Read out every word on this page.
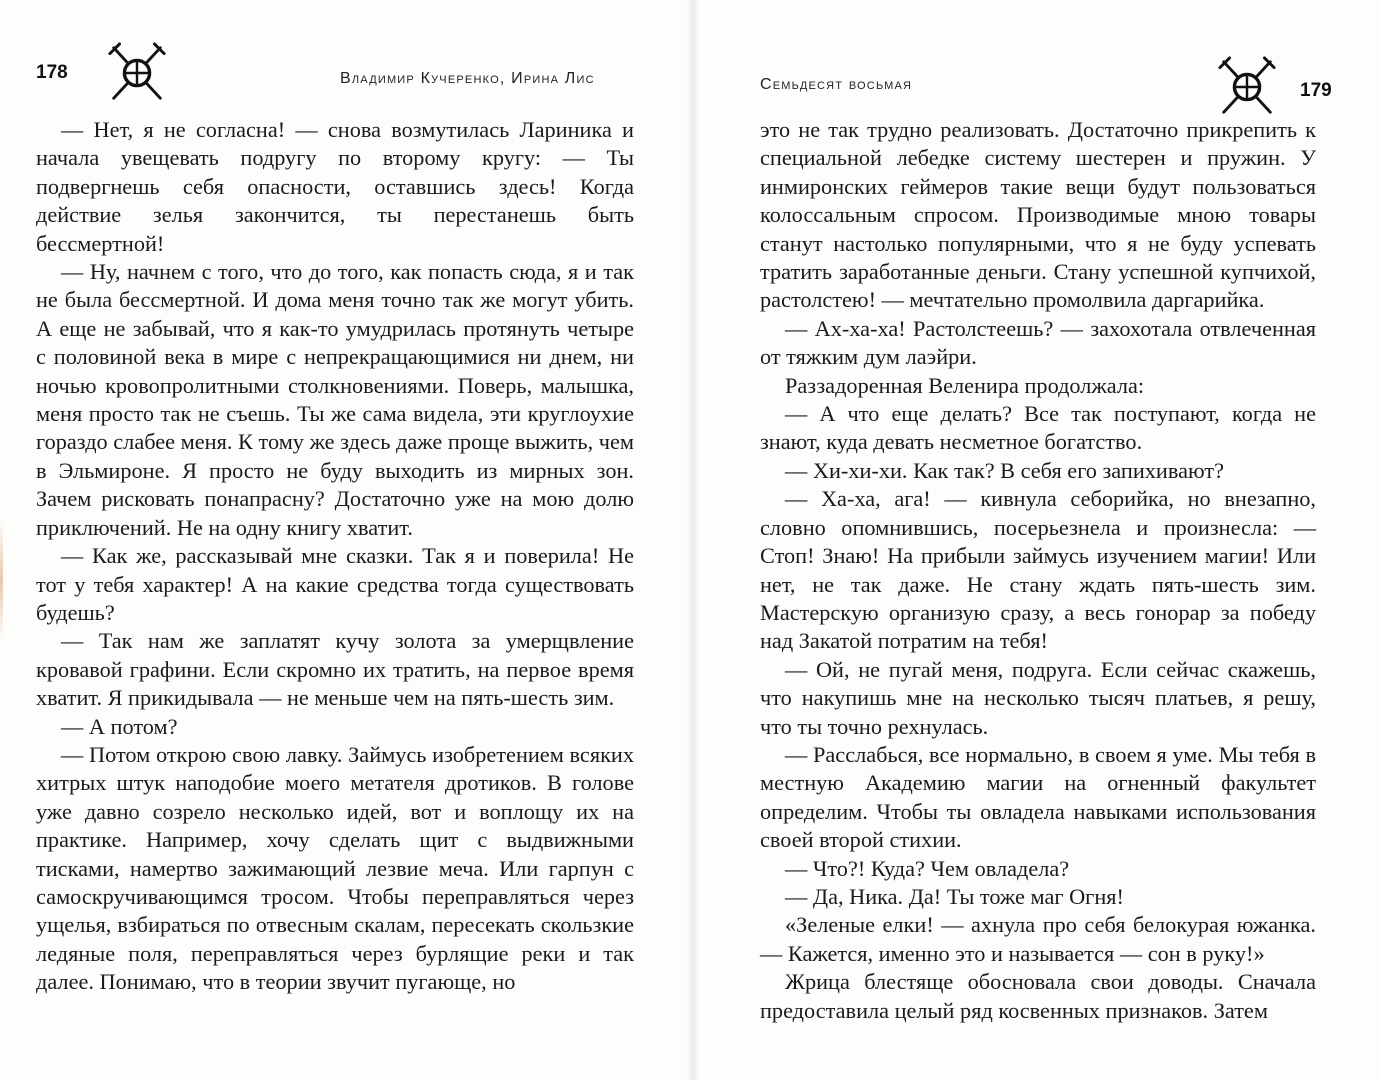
178	Владимир Кучеренко, Ирина Лис

— Нет, я не согласна! — снова возмутилась Лариника и начала увещевать подругу по второму кругу: — Ты подвергнешь себя опасности, оставшись здесь! Когда действие зелья закончится, ты перестанешь быть бессмертной!

— Ну, начнем с того, что до того, как попасть сюда, я и так не была бессмертной. И дома меня точно так же могут убить. А еще не забывай, что я как-то умудрилась протянуть четыре с половиной века в мире с непрекращающимися ни днем, ни ночью кровопролитными столкновениями. Поверь, малышка, меня просто так не съешь. Ты же сама видела, эти круглоухие гораздо слабее меня. К тому же здесь даже проще выжить, чем в Эльмироне. Я просто не буду выходить из мирных зон. Зачем рисковать понапрасну? Достаточно уже на мою долю приключений. Не на одну книгу хватит.

— Как же, рассказывай мне сказки. Так я и поверила! Не тот у тебя характер! А на какие средства тогда существовать будешь?

— Так нам же заплатят кучу золота за умерщвление кровавой графини. Если скромно их тратить, на первое время хватит. Я прикидывала — не меньше чем на пять-шесть зим.

— А потом?

— Потом открою свою лавку. Займусь изобретением всяких хитрых штук наподобие моего метателя дротиков. В голове уже давно созрело несколько идей, вот и воплощу их на практике. Например, хочу сделать щит с выдвижными тисками, намертво зажимающий лезвие меча. Или гарпун с самоскручивающимся тросом. Чтобы переправляться через ущелья, взбираться по отвесным скалам, пересекать скользкие ледяные поля, переправляться через бурлящие реки и так далее. Понимаю, что в теории звучит пугающе, но

Семьдесят восьмая	179

это не так трудно реализовать. Достаточно прикрепить к специальной лебедке систему шестерен и пружин. У инмиронских геймеров такие вещи будут пользоваться колоссальным спросом. Производимые мною товары станут настолько популярными, что я не буду успевать тратить заработанные деньги. Стану успешной купчихой, растолстею! — мечтательно промолвила даргарийка.

— Ах-ха-ха! Растолстеешь? — захохотала отвлеченная от тяжким дум лаэйри.

Раззадоренная Веленира продолжала:

— А что еще делать? Все так поступают, когда не знают, куда девать несметное богатство.

— Хи-хи-хи. Как так? В себя его запихивают?

— Ха-ха, ага! — кивнула себорийка, но внезапно, словно опомнившись, посерьезнела и произнесла: — Стоп! Знаю! На прибыли займусь изучением магии! Или нет, не так даже. Не стану ждать пять-шесть зим. Мастерскую организую сразу, а весь гонорар за победу над Закатой потратим на тебя!

— Ой, не пугай меня, подруга. Если сейчас скажешь, что накупишь мне на несколько тысяч платьев, я решу, что ты точно рехнулась.

— Расслабься, все нормально, в своем я уме. Мы тебя в местную Академию магии на огненный факультет определим. Чтобы ты овладела навыками использования своей второй стихии.

— Что?! Куда? Чем овладела?

— Да, Ника. Да! Ты тоже маг Огня!

«Зеленые елки! — ахнула про себя белокурая южанка. — Кажется, именно это и называется — сон в руку!»

Жрица блестяще обосновала свои доводы. Сначала предоставила целый ряд косвенных признаков. Затем
